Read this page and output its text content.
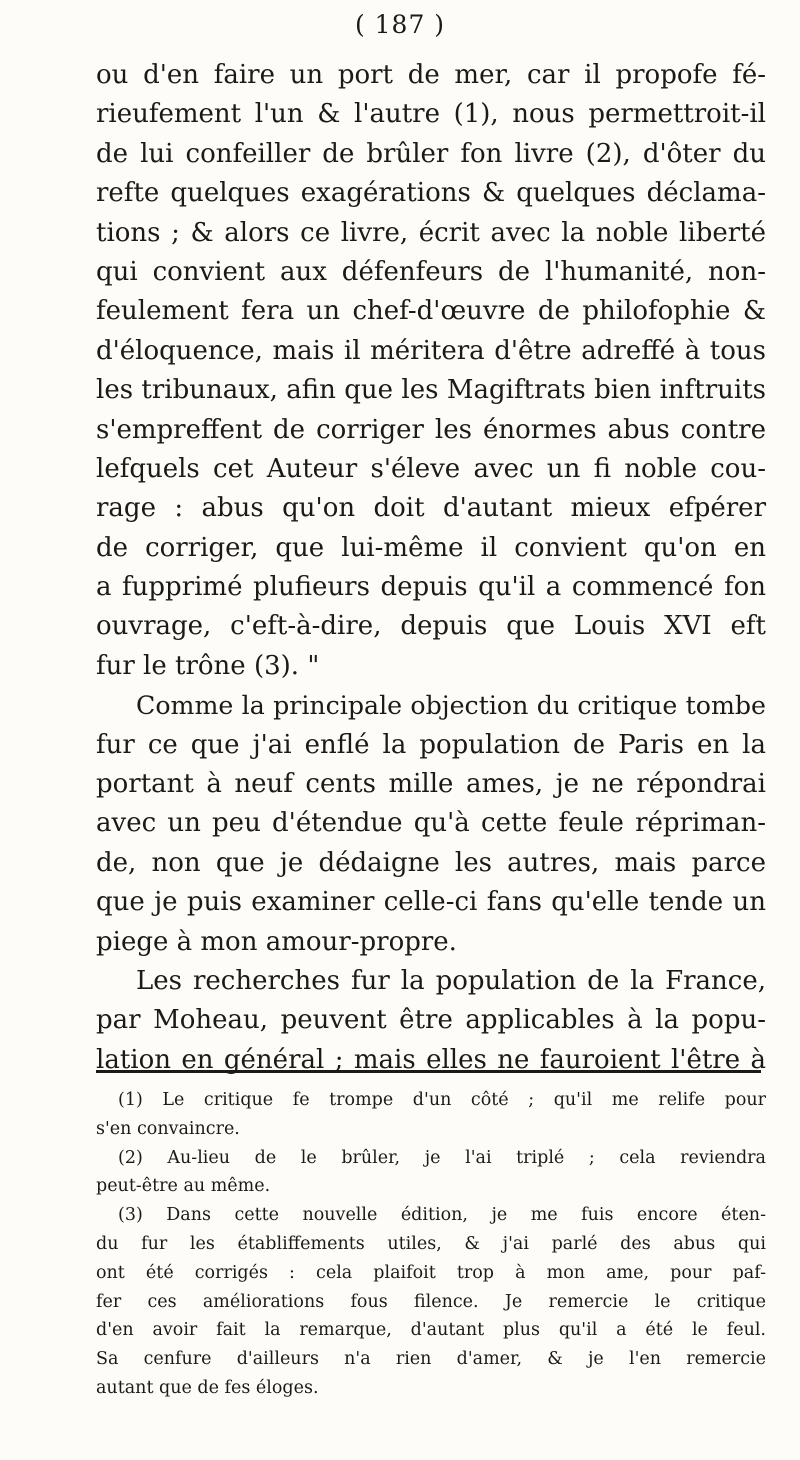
( 187 )
ou d'en faire un port de mer, car il propofe fé-
rieufement l'un & l'autre (1), nous permettroit-il
de lui confeiller de brûler fon livre (2), d'ôter du
refte quelques exagérations & quelques déclama-
tions ; & alors ce livre, écrit avec la noble liberté
qui convient aux défenfeurs de l'humanité, non-
feulement fera un chef-d'œuvre de philofophie &
d'éloquence, mais il méritera d'être adreffé à tous
les tribunaux, afin que les Magiftrats bien inftruits
s'empreffent de corriger les énormes abus contre
lefquels cet Auteur s'éleve avec un fi noble cou-
rage : abus qu'on doit d'autant mieux efpérer
de corriger, que lui-même il convient qu'on en
a fupprimé plufieurs depuis qu'il a commencé fon
ouvrage, c'eft-à-dire, depuis que Louis XVI eft
fur le trône (3). "
Comme la principale objection du critique tombe
fur ce que j'ai enflé la population de Paris en la
portant à neuf cents mille ames, je ne répondrai
avec un peu d'étendue qu'à cette feule répriman-
de, non que je dédaigne les autres, mais parce
que je puis examiner celle-ci fans qu'elle tende un
piege à mon amour-propre.
Les recherches fur la population de la France,
par Moheau, peuvent être applicables à la popu-
lation en général ; mais elles ne fauroient l'être à
(1) Le critique fe trompe d'un côté ; qu'il me relife pour
s'en convaincre.
(2) Au-lieu de le brûler, je l'ai triplé ; cela reviendra
peut-être au même.
(3) Dans cette nouvelle édition, je me fuis encore éten-
du fur les établiffements utiles, & j'ai parlé des abus qui
ont été corrigés : cela plaifoit trop à mon ame, pour paf-
fer ces améliorations fous filence. Je remercie le critique
d'en avoir fait la remarque, d'autant plus qu'il a été le feul.
Sa cenfure d'ailleurs n'a rien d'amer, & je l'en remercie
autant que de fes éloges.
